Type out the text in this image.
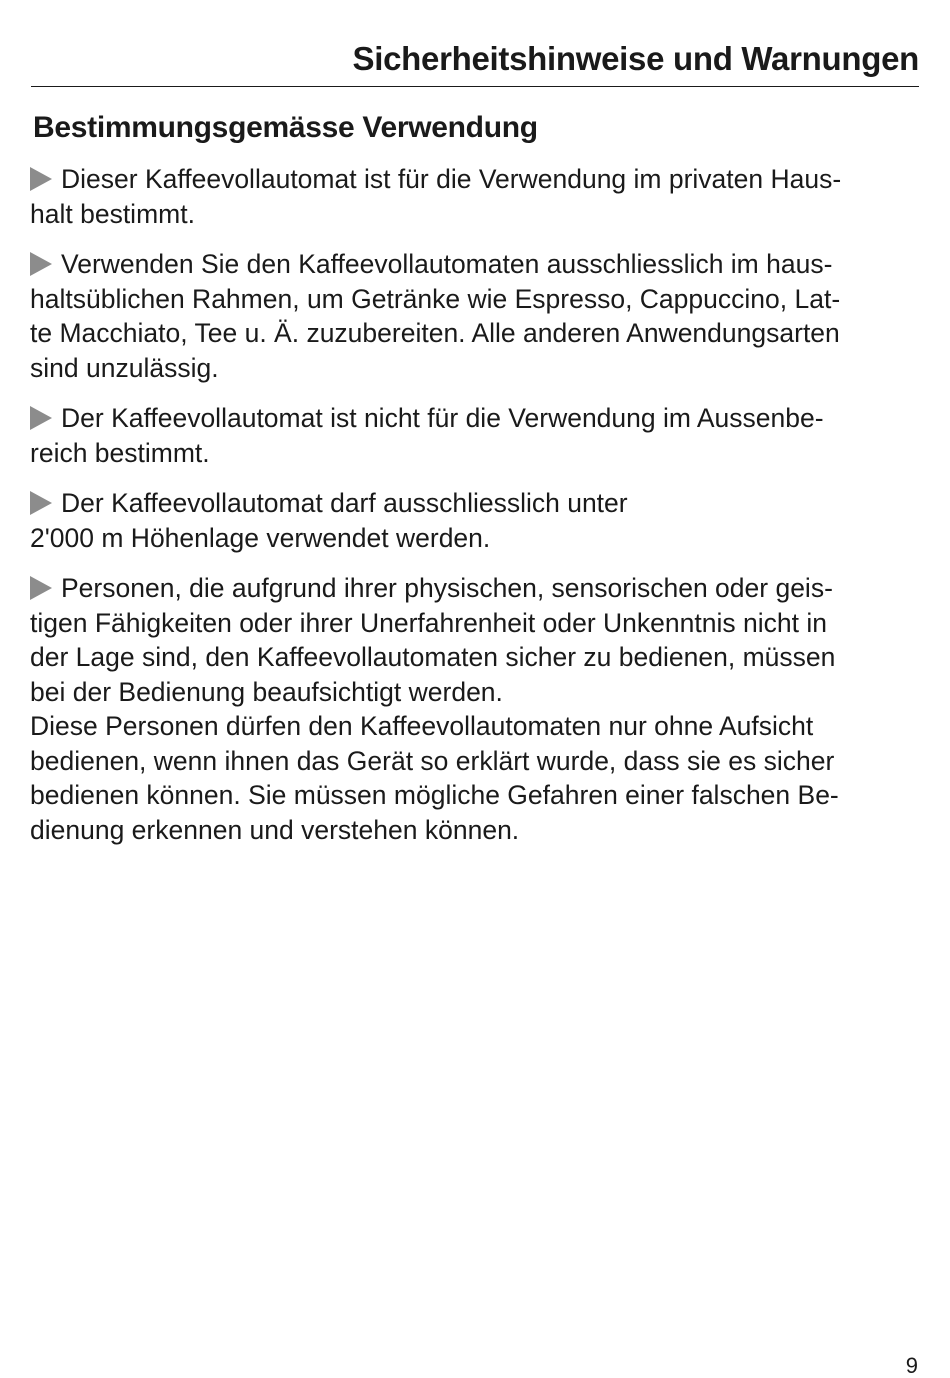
Sicherheitshinweise und Warnungen
Bestimmungsgemässe Verwendung

Dieser Kaffeevollautomat ist für die Verwendung im privaten Haus-
halt bestimmt.

Verwenden Sie den Kaffeevollautomaten ausschliesslich im haus-
haltsüblichen Rahmen, um Getränke wie Espresso, Cappuccino, Lat-
te Macchiato, Tee u. Ä. zuzubereiten. Alle anderen Anwendungsarten
sind unzulässig.

Der Kaffeevollautomat ist nicht für die Verwendung im Aussenbe-
reich bestimmt.

Der Kaffeevollautomat darf ausschliesslich unter
2'000 m Höhenlage verwendet werden.

Personen, die aufgrund ihrer physischen, sensorischen oder geis-
tigen Fähigkeiten oder ihrer Unerfahrenheit oder Unkenntnis nicht in
der Lage sind, den Kaffeevollautomaten sicher zu bedienen, müssen
bei der Bedienung beaufsichtigt werden.
Diese Personen dürfen den Kaffeevollautomaten nur ohne Aufsicht
bedienen, wenn ihnen das Gerät so erklärt wurde, dass sie es sicher
bedienen können. Sie müssen mögliche Gefahren einer falschen Be-
dienung erkennen und verstehen können.

9
